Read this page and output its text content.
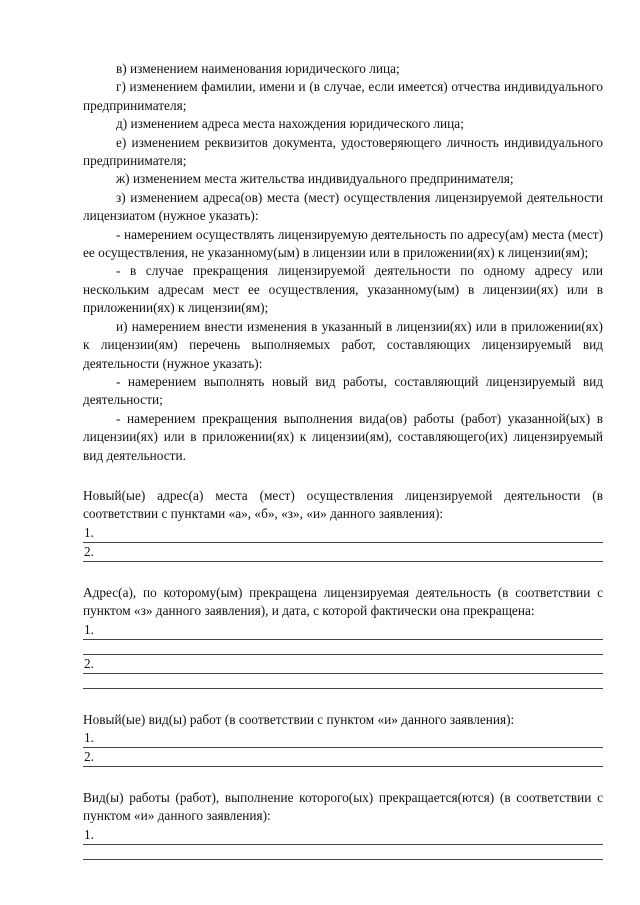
в) изменением наименования юридического лица;

г) изменением фамилии, имени и (в случае, если имеется) отчества индивидуального предпринимателя;

д) изменением адреса места нахождения юридического лица;

е) изменением реквизитов документа, удостоверяющего личность индивидуального предпринимателя;

ж) изменением места жительства индивидуального предпринимателя;

з) изменением адреса(ов) места (мест) осуществления лицензируемой деятельности лицензиатом (нужное указать):

- намерением осуществлять лицензируемую деятельность по адресу(ам) места (мест) ее осуществления, не указанному(ым) в лицензии или в приложении(ях) к лицензии(ям);

- в случае прекращения лицензируемой деятельности по одному адресу или нескольким адресам мест ее осуществления, указанному(ым) в лицензии(ях) или в приложении(ях) к лицензии(ям);

и) намерением внести изменения в указанный в лицензии(ях) или в приложении(ях) к лицензии(ям) перечень выполняемых работ, составляющих лицензируемый вид деятельности (нужное указать):

- намерением выполнять новый вид работы, составляющий лицензируемый вид деятельности;

- намерением прекращения выполнения вида(ов) работы (работ) указанной(ых) в лицензии(ях) или в приложении(ях) к лицензии(ям), составляющего(их) лицензируемый вид деятельности.

Новый(ые) адрес(а) места (мест) осуществления лицензируемой деятельности (в соответствии с пунктами «а», «б», «з», «и» данного заявления):

1.
2.

Адрес(а), по которому(ым) прекращена лицензируемая деятельность (в соответствии с пунктом «з» данного заявления), и дата, с которой фактически она прекращена:

1.
2.

Новый(ые) вид(ы) работ (в соответствии с пунктом «и» данного заявления):

1.
2.

Вид(ы) работы (работ), выполнение которого(ых) прекращается(ются) (в соответствии с пунктом «и» данного заявления):

1.
